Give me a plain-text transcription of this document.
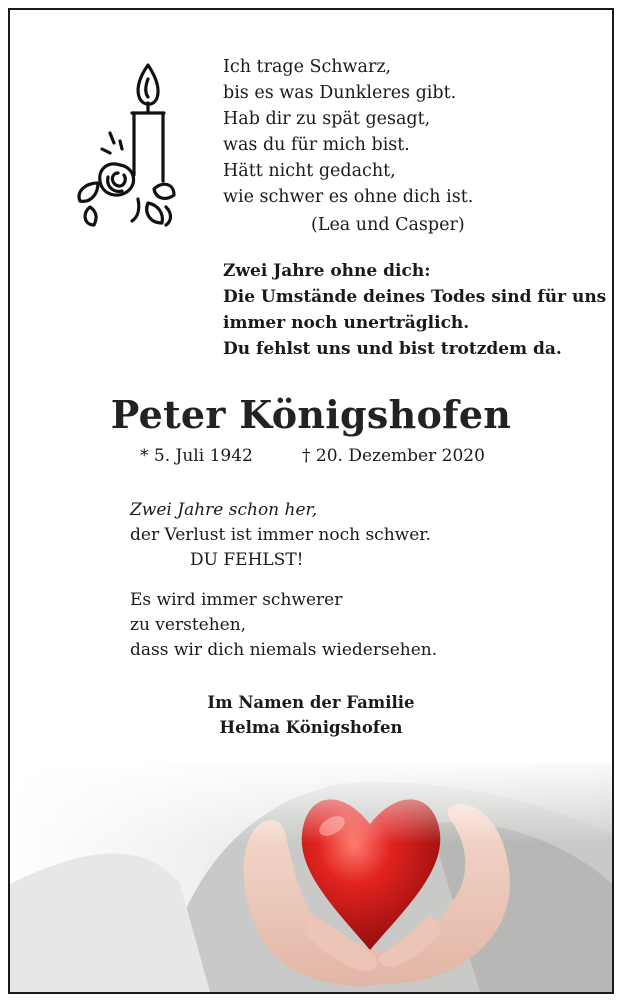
Ich trage Schwarz,
bis es was Dunkleres gibt.
Hab dir zu spät gesagt,
was du für mich bist.
Hätt nicht gedacht,
wie schwer es ohne dich ist.
(Lea und Casper)
Zwei Jahre ohne dich:
Die Umstände deines Todes sind für uns
immer noch unerträglich.
Du fehlst uns und bist trotzdem da.
Peter Königshofen
* 5. Juli 1942	† 20. Dezember 2020
Zwei Jahre schon her,
der Verlust ist immer noch schwer.
DU FEHLST!
Es wird immer schwerer
zu verstehen,
dass wir dich niemals wiedersehen.
Im Namen der Familie
Helma Königshofen
